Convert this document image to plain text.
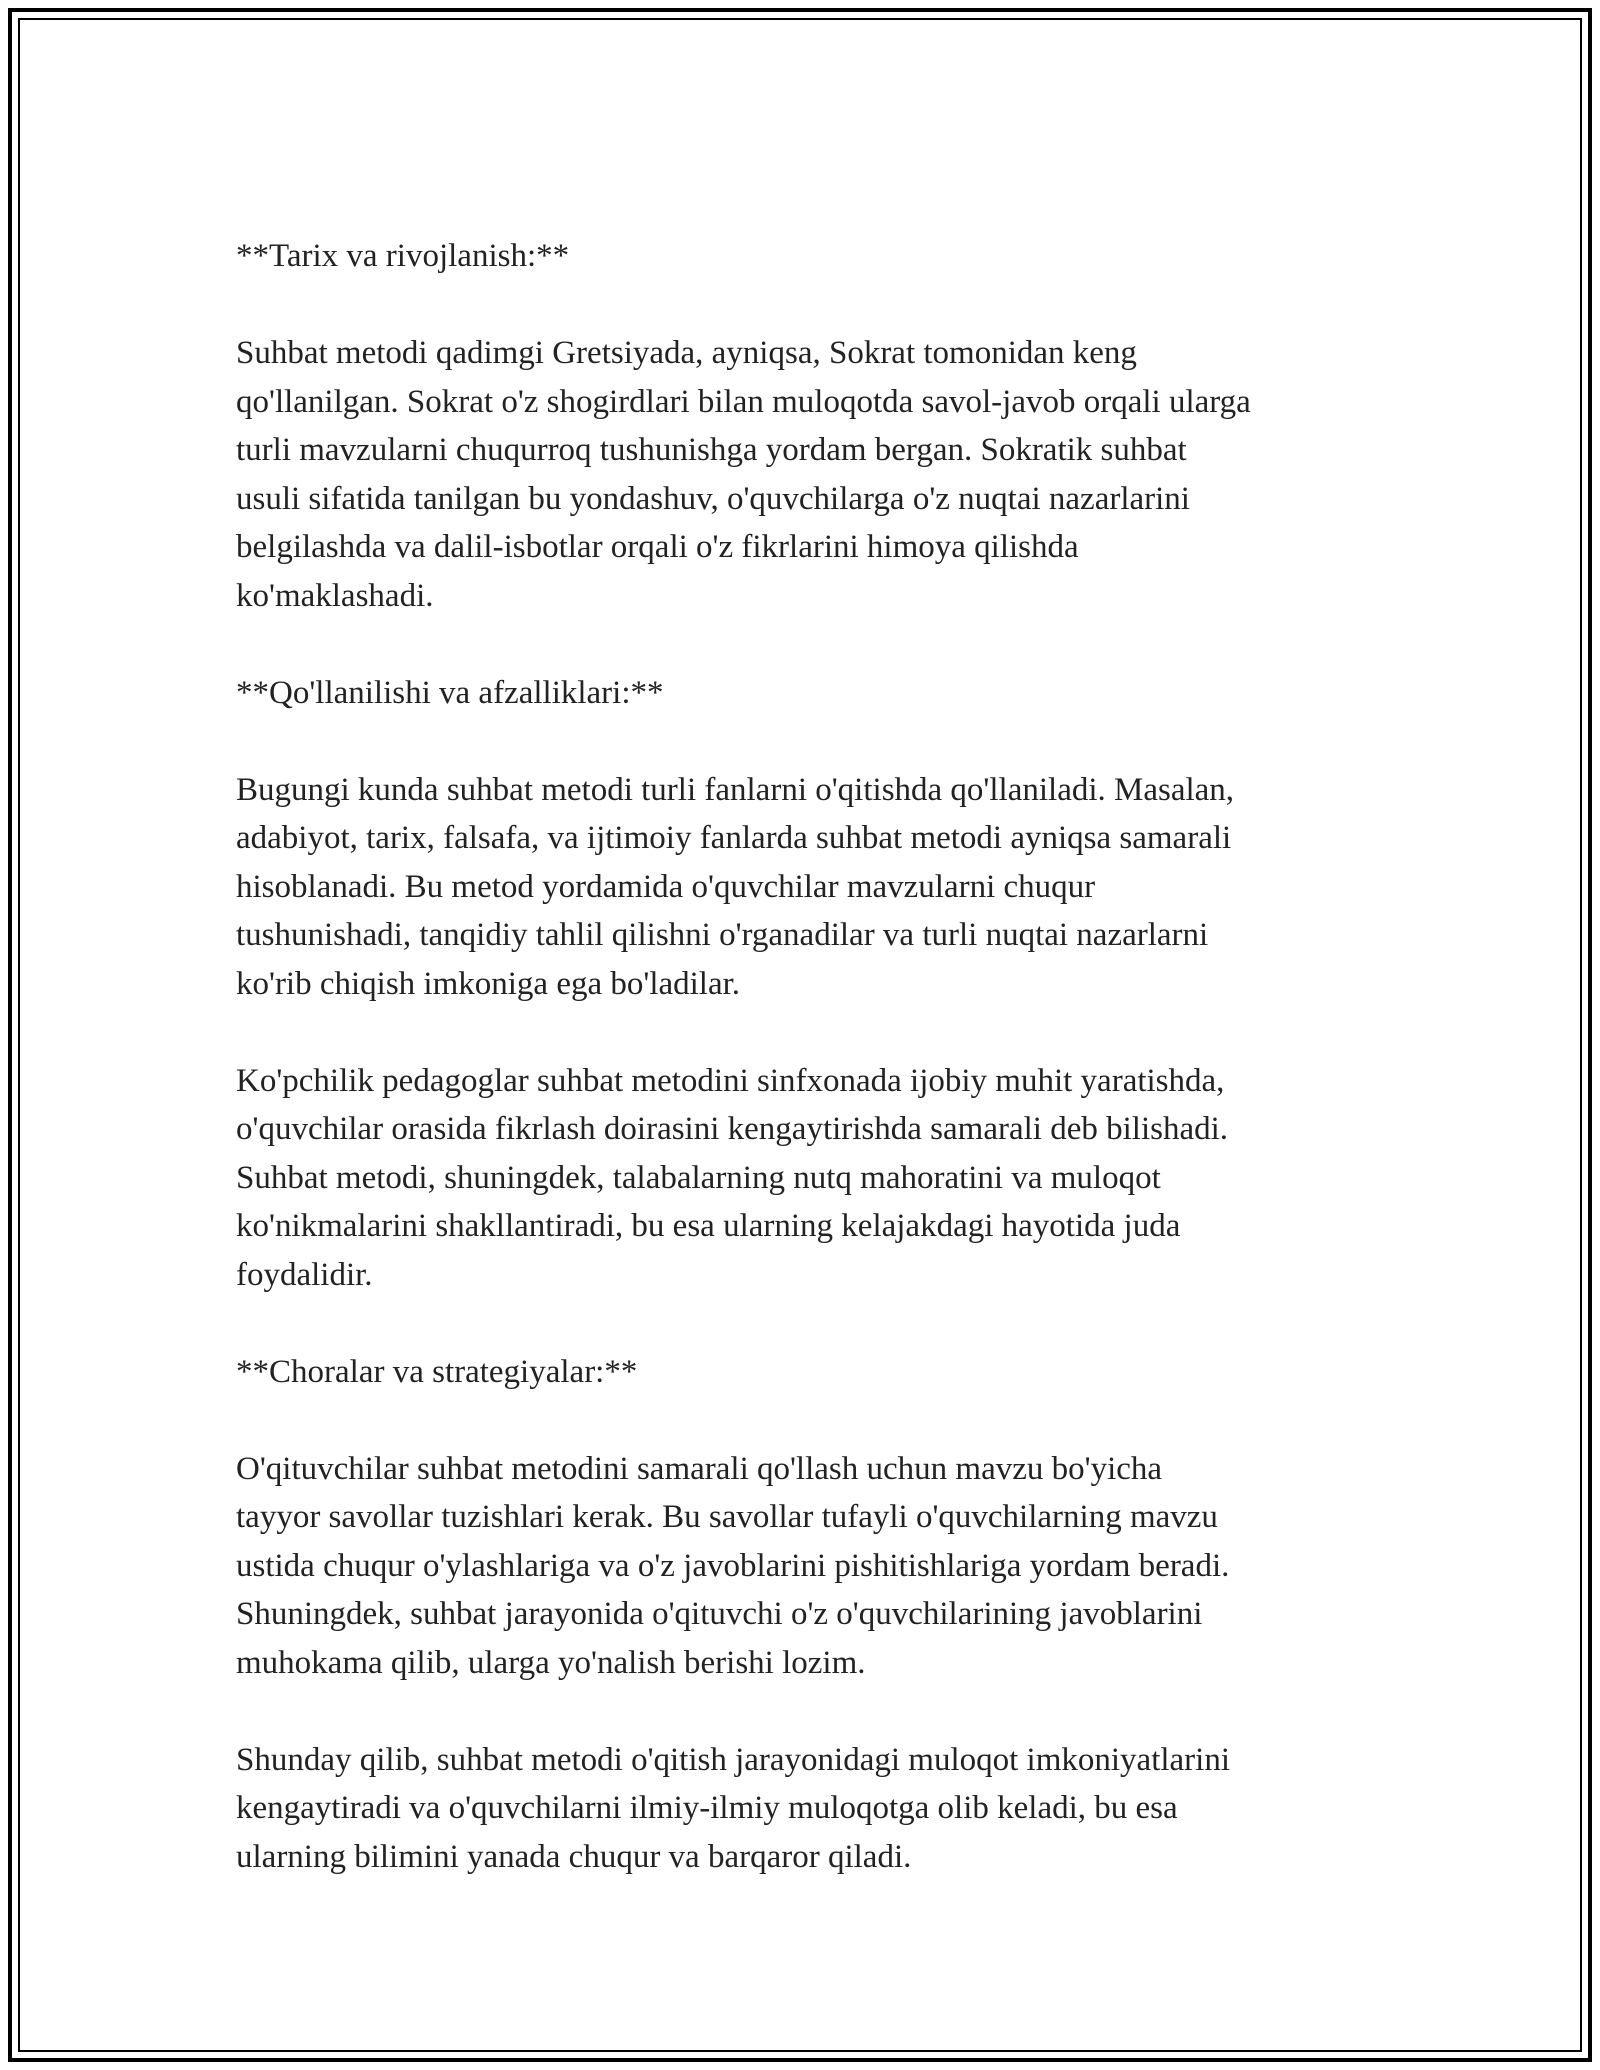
**Tarix va rivojlanish:**

Suhbat metodi qadimgi Gretsiyada, ayniqsa, Sokrat tomonidan keng
qo'llanilgan. Sokrat o'z shogirdlari bilan muloqotda savol-javob orqali ularga
turli mavzularni chuqurroq tushunishga yordam bergan. Sokratik suhbat
usuli sifatida tanilgan bu yondashuv, o'quvchilarga o'z nuqtai nazarlarini
belgilashda va dalil-isbotlar orqali o'z fikrlarini himoya qilishda
ko'maklashadi.

**Qo'llanilishi va afzalliklari:**

Bugungi kunda suhbat metodi turli fanlarni o'qitishda qo'llaniladi. Masalan,
adabiyot, tarix, falsafa, va ijtimoiy fanlarda suhbat metodi ayniqsa samarali
hisoblanadi. Bu metod yordamida o'quvchilar mavzularni chuqur
tushunishadi, tanqidiy tahlil qilishni o'rganadilar va turli nuqtai nazarlarni
ko'rib chiqish imkoniga ega bo'ladilar.

Ko'pchilik pedagoglar suhbat metodini sinfxonada ijobiy muhit yaratishda,
o'quvchilar orasida fikrlash doirasini kengaytirishda samarali deb bilishadi.
Suhbat metodi, shuningdek, talabalarning nutq mahoratini va muloqot
ko'nikmalarini shakllantiradi, bu esa ularning kelajakdagi hayotida juda
foydalidir.

**Choralar va strategiyalar:**

O'qituvchilar suhbat metodini samarali qo'llash uchun mavzu bo'yicha
tayyor savollar tuzishlari kerak. Bu savollar tufayli o'quvchilarning mavzu
ustida chuqur o'ylashlariga va o'z javoblarini pishitishlariga yordam beradi.
Shuningdek, suhbat jarayonida o'qituvchi o'z o'quvchilarining javoblarini
muhokama qilib, ularga yo'nalish berishi lozim.

Shunday qilib, suhbat metodi o'qitish jarayonidagi muloqot imkoniyatlarini
kengaytiradi va o'quvchilarni ilmiy-ilmiy muloqotga olib keladi, bu esa
ularning bilimini yanada chuqur va barqaror qiladi.
